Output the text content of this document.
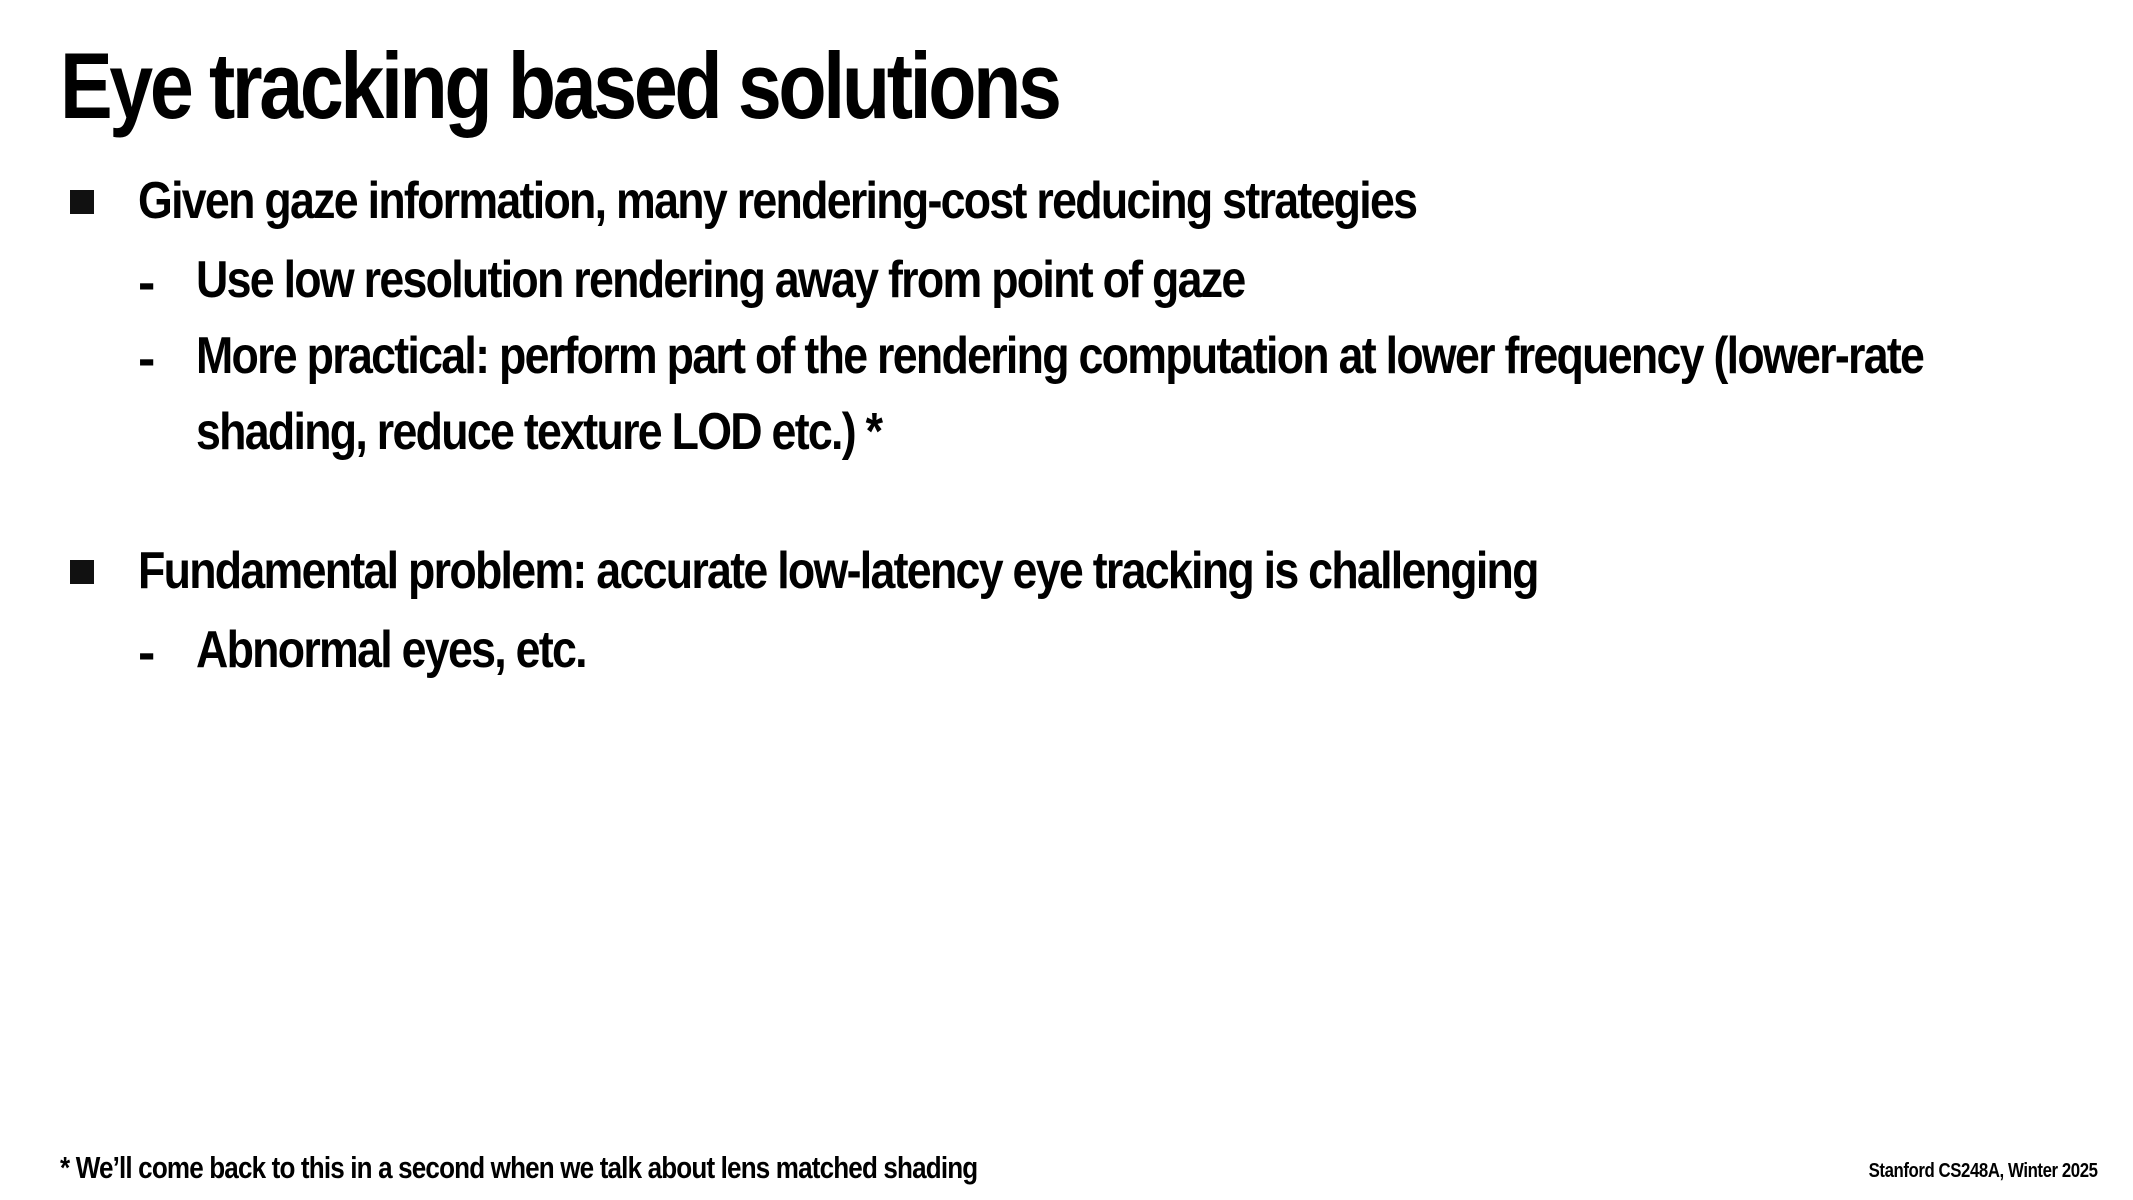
Eye tracking based solutions
Given gaze information, many rendering-cost reducing strategies
- Use low resolution rendering away from point of gaze
- More practical: perform part of the rendering computation at lower frequency (lower-rate shading, reduce texture LOD etc.) *
Fundamental problem: accurate low-latency eye tracking is challenging
- Abnormal eyes, etc.
* We’ll come back to this in a second when we talk about lens matched shading	Stanford CS248A, Winter 2025
